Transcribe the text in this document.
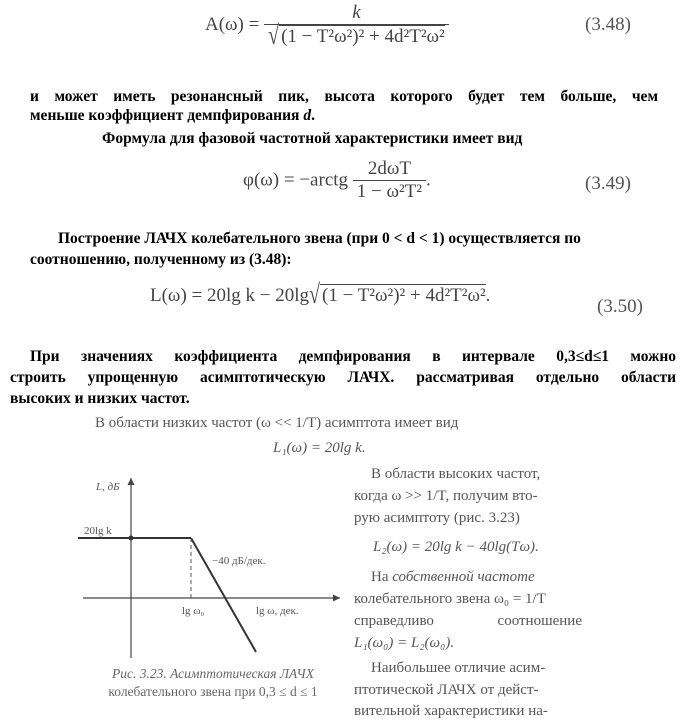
$A(\omega) = \frac{k}{\text{√ (1 − T²ω²)² + 4d²T²ω²}}$	(3.48)
и может иметь резонансный пик, высота которого будет тем больше, чем
меньше коэффициент демпфирования d.
Формула для фазовой частотной характеристики имеет вид
φ(ω) = −arctg $\frac{\text{2dωT}}{\text{1 − ω²T²}}$ .	(3.49)
Построение ЛАЧХ колебательного звена (при 0 < d < 1) осуществляется по
соотношению, полученному из (3.48):
L(ω) = 20lg k − 20lg√ (1 − T²ω²)² + 4d²T²ω².
(3.50)
При значениях коэффициента демпфирования в интервале 0,3≤d≤1 можно
строить упрощенную асимптотическую ЛАЧХ. рассматривая отдельно области
высоких и низких частот.
В области низких частот (ω << 1/T) асимптота имеет вид
L₁(ω) = 20lg k.
В области высоких частот,
когда ω >> 1/T, получим вто-
рую асимптоту (рис. 3.23)
L₂(ω) = 20lg k − 40lg(Tω).
На собственной частоте
колебательного звена ω₀ = 1/T
справедливо соотношение
L₁(ω₀) = L₂(ω₀).
Наибольшее отличие асим-
птотической ЛАЧХ от дейст-
вительной характеристики на-
L, дБ
20lg k
−40 дБ/дек.
lg ω₀	lg ω, дек.
Рис. 3.23. Асимптотическая ЛАЧХ
колебательного звена при 0,3 ≤ d ≤ 1
